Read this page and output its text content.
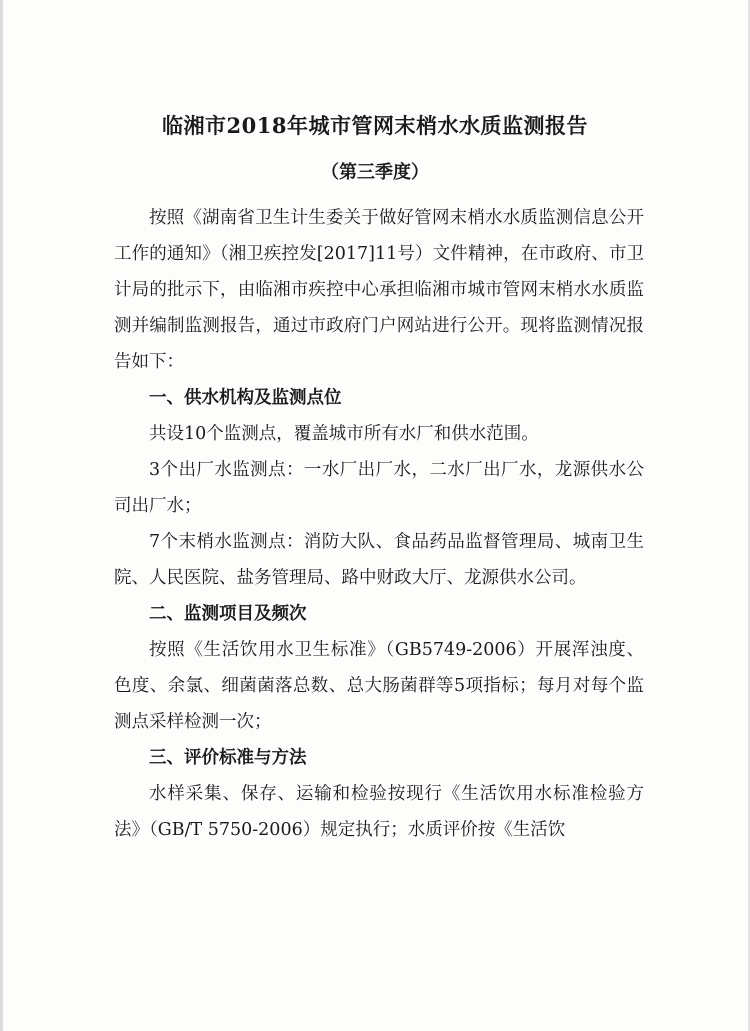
临湘市2018年城市管网末梢水水质监测报告
（第三季度）

按照《湖南省卫生计生委关于做好管网末梢水水质监测信息公开工作的通知》（湘卫疾控发[2017]11号）文件精神，在市政府、市卫计局的批示下，由临湘市疾控中心承担临湘市城市管网末梢水水质监测并编制监测报告，通过市政府门户网站进行公开。现将监测情况报告如下：

一、供水机构及监测点位

共设10个监测点，覆盖城市所有水厂和供水范围。

3个出厂水监测点：一水厂出厂水，二水厂出厂水，龙源供水公司出厂水；

7个末梢水监测点：消防大队、食品药品监督管理局、城南卫生院、人民医院、盐务管理局、路中财政大厅、龙源供水公司。

二、监测项目及频次

按照《生活饮用水卫生标准》（GB5749-2006）开展浑浊度、色度、余氯、细菌菌落总数、总大肠菌群等5项指标；每月对每个监测点采样检测一次；

三、评价标准与方法

水样采集、保存、运输和检验按现行《生活饮用水标准检验方法》（GB/T 5750-2006）规定执行；水质评价按《生活饮
